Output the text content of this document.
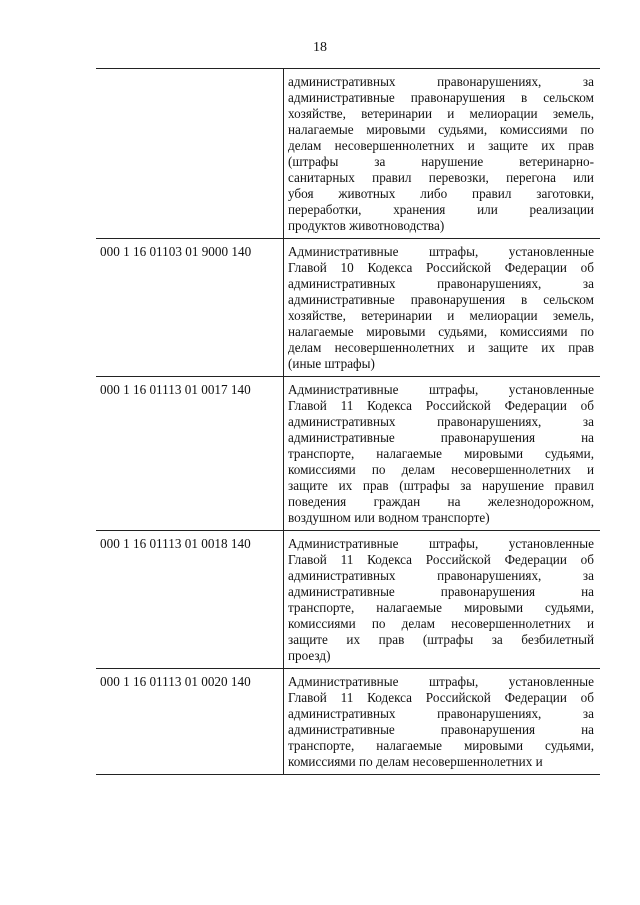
18
административных правонарушениях, за
административные правонарушения в сельском
хозяйстве, ветеринарии и мелиорации земель,
налагаемые мировыми судьями, комиссиями по
делам несовершеннолетних и защите их прав
(штрафы за нарушение ветеринарно-
санитарных правил перевозки, перегона или
убоя животных либо правил заготовки,
переработки, хранения или реализации
продуктов животноводства)
000 1 16 01103 01 9000 140	Административные штрафы, установленные
Главой 10 Кодекса Российской Федерации об
административных правонарушениях, за
административные правонарушения в сельском
хозяйстве, ветеринарии и мелиорации земель,
налагаемые мировыми судьями, комиссиями по
делам несовершеннолетних и защите их прав
(иные штрафы)
000 1 16 01113 01 0017 140	Административные штрафы, установленные
Главой 11 Кодекса Российской Федерации об
административных правонарушениях, за
административные правонарушения на
транспорте, налагаемые мировыми судьями,
комиссиями по делам несовершеннолетних и
защите их прав (штрафы за нарушение правил
поведения граждан на железнодорожном,
воздушном или водном транспорте)
000 1 16 01113 01 0018 140	Административные штрафы, установленные
Главой 11 Кодекса Российской Федерации об
административных правонарушениях, за
административные правонарушения на
транспорте, налагаемые мировыми судьями,
комиссиями по делам несовершеннолетних и
защите их прав (штрафы за безбилетный
проезд)
000 1 16 01113 01 0020 140	Административные штрафы, установленные
Главой 11 Кодекса Российской Федерации об
административных правонарушениях, за
административные правонарушения на
транспорте, налагаемые мировыми судьями,
комиссиями по делам несовершеннолетних и
